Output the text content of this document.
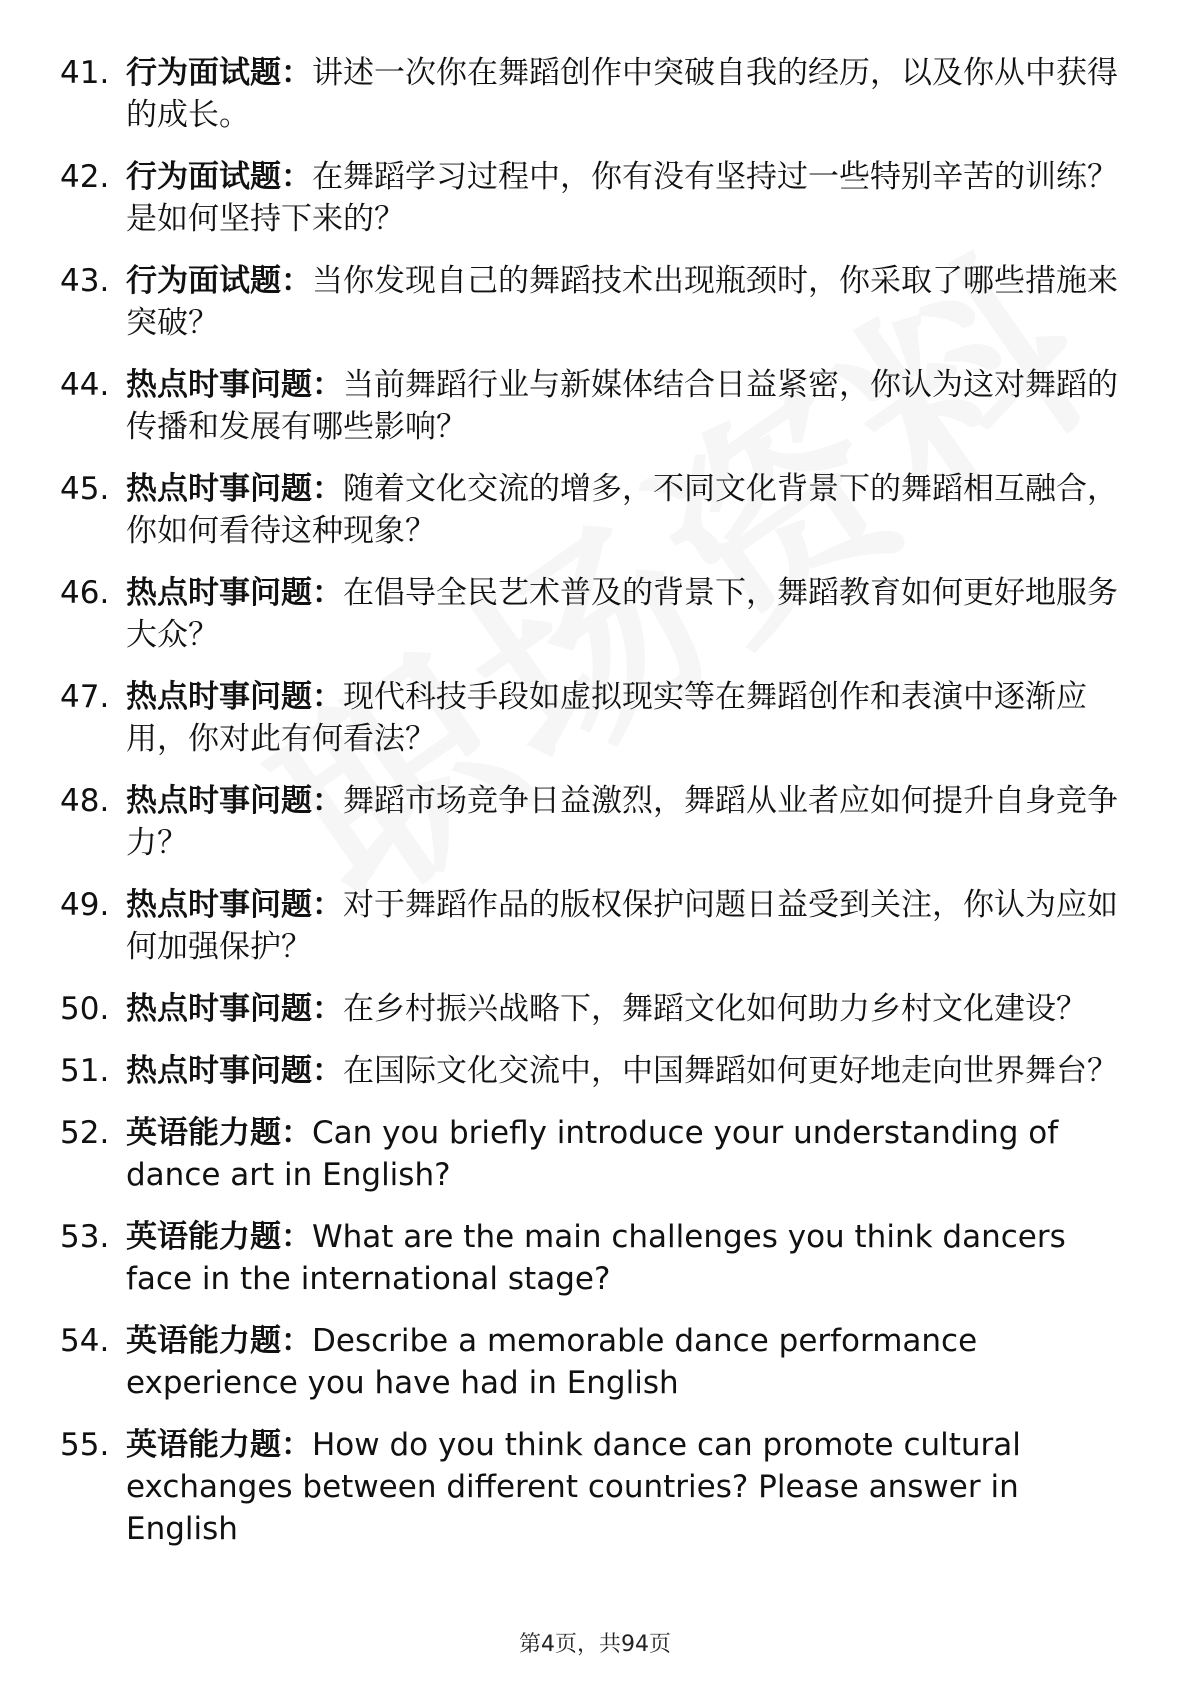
41. 行为面试题：讲述一次你在舞蹈创作中突破自我的经历，以及你从中获得的成长。
42. 行为面试题：在舞蹈学习过程中，你有没有坚持过一些特别辛苦的训练？是如何坚持下来的？
43. 行为面试题：当你发现自己的舞蹈技术出现瓶颈时，你采取了哪些措施来突破？
44. 热点时事问题：当前舞蹈行业与新媒体结合日益紧密，你认为这对舞蹈的传播和发展有哪些影响？
45. 热点时事问题：随着文化交流的增多，不同文化背景下的舞蹈相互融合，你如何看待这种现象？
46. 热点时事问题：在倡导全民艺术普及的背景下，舞蹈教育如何更好地服务大众？
47. 热点时事问题：现代科技手段如虚拟现实等在舞蹈创作和表演中逐渐应用，你对此有何看法？
48. 热点时事问题：舞蹈市场竞争日益激烈，舞蹈从业者应如何提升自身竞争力？
49. 热点时事问题：对于舞蹈作品的版权保护问题日益受到关注，你认为应如何加强保护？
50. 热点时事问题：在乡村振兴战略下，舞蹈文化如何助力乡村文化建设？
51. 热点时事问题：在国际文化交流中，中国舞蹈如何更好地走向世界舞台？
52. 英语能力题：Can you briefly introduce your understanding of dance art in English?
53. 英语能力题：What are the main challenges you think dancers face in the international stage?
54. 英语能力题：Describe a memorable dance performance experience you have had in English
55. 英语能力题：How do you think dance can promote cultural exchanges between different countries? Please answer in English
第4页，共94页
